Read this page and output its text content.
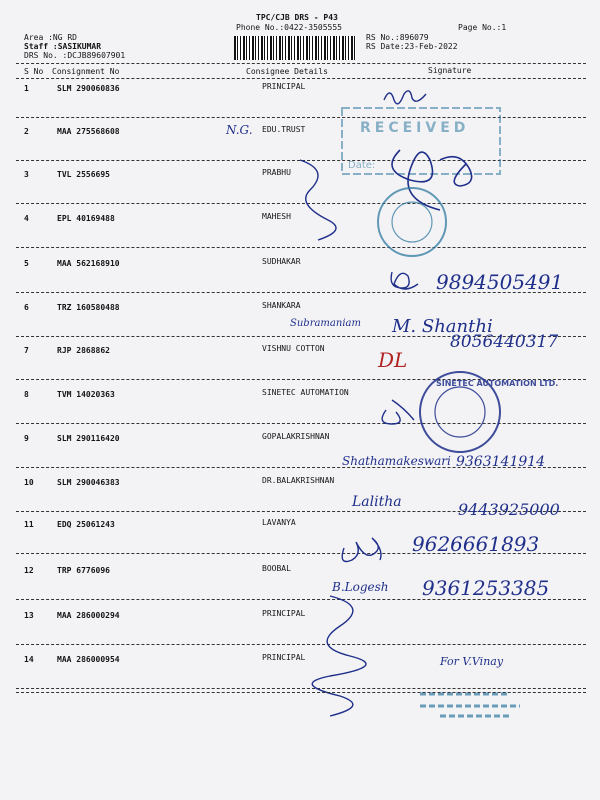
TPC/CJB DRS - P43
Phone No.:0422-3505555	Page No.:1
Area :NG RD
Staff :SASIKUMAR
DRS No. :DCJB89607901
RS No.:896079
RS Date:23-Feb-2022
S No Consignment No	Consignee Details	Signature
1	SLM 290060836	PRINCIPAL
2	MAA 275568608	EDU.TRUST
3	TVL 2556695	PRABHU
4	EPL 40169488	MAHESH
5	MAA 562168910	SUDHAKAR
6	TRZ 160580488	SHANKARA
7	RJP 2868862	VISHNU COTTON
8	TVM 14020363	SINETEC AUTOMATION
9	SLM 290116420	GOPALAKRISHNAN
10	SLM 290046383	DR.BALAKRISHNAN
11	EDQ 25061243	LAVANYA
12	TRP 6776096	BOOBAL
13	MAA 286000294	PRINCIPAL
14	MAA 286000954	PRINCIPAL
RECEIVED
Date:
SINETEC AUTOMATION LTD.
N.G.
9894505491
Subramaniam M. Shanthi
8056440317
DL
Shathamakeswari 9363141914
Lalitha	9443925000
9626661893
B.Logesh 9361253385
For V.Vinay
